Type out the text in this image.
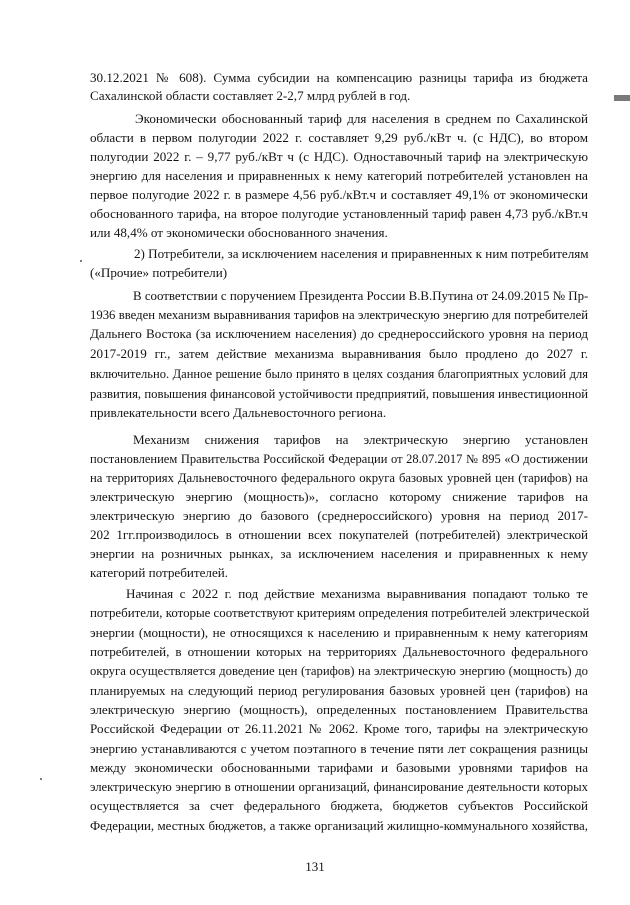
30.12.2021 № 608). Сумма субсидии на компенсацию разницы тарифа из бюджета
Сахалинской области составляет 2-2,7 млрд рублей в год.
Экономически обоснованный тариф для населения в среднем по Сахалинской
области в первом полугодии 2022 г. составляет 9,29 руб./кВт ч. (с НДС), во втором
полугодии 2022 г. – 9,77 руб./кВт ч (с НДС). Одноставочный тариф на электрическую
энергию для населения и приравненных к нему категорий потребителей установлен на
первое полугодие 2022 г. в размере 4,56 руб./кВт.ч и составляет 49,1% от экономически
обоснованного тарифа, на второе полугодие установленный тариф равен 4,73 руб./кВт.ч
или 48,4% от экономически обоснованного значения.
2) Потребители, за исключением населения и приравненных к ним потребителям
(«Прочие» потребители)
В соответствии с поручением Президента России В.В.Путина от 24.09.2015 № Пр-
1936 введен механизм выравнивания тарифов на электрическую энергию для потребителей
Дальнего Востока (за исключением населения) до среднероссийского уровня на период
2017-2019 гг., затем действие механизма выравнивания было продлено до 2027 г.
включительно. Данное решение было принято в целях создания благоприятных условий для
развития, повышения финансовой устойчивости предприятий, повышения инвестиционной
привлекательности всего Дальневосточного региона.
Механизм снижения тарифов на электрическую энергию установлен
постановлением Правительства Российской Федерации от 28.07.2017 № 895 «О достижении
на территориях Дальневосточного федерального округа базовых уровней цен (тарифов) на
электрическую энергию (мощность)», согласно которому снижение тарифов на
электрическую энергию до базового (среднероссийского) уровня на период 2017-
202 1гг.производилось в отношении всех покупателей (потребителей) электрической
энергии на розничных рынках, за исключением населения и приравненных к нему
категорий потребителей.
Начиная с 2022 г. под действие механизма выравнивания попадают только те
потребители, которые соответствуют критериям определения потребителей электрической
энергии (мощности), не относящихся к населению и приравненным к нему категориям
потребителей, в отношении которых на территориях Дальневосточного федерального
округа осуществляется доведение цен (тарифов) на электрическую энергию (мощность) до
планируемых на следующий период регулирования базовых уровней цен (тарифов) на
электрическую энергию (мощность), определенных постановлением Правительства
Российской Федерации от 26.11.2021 № 2062. Кроме того, тарифы на электрическую
энергию устанавливаются с учетом поэтапного в течение пяти лет сокращения разницы
между экономически обоснованными тарифами и базовыми уровнями тарифов на
электрическую энергию в отношении организаций, финансирование деятельности которых
осуществляется за счет федерального бюджета, бюджетов субъектов Российской
Федерации, местных бюджетов, а также организаций жилищно-коммунального хозяйства,
131
